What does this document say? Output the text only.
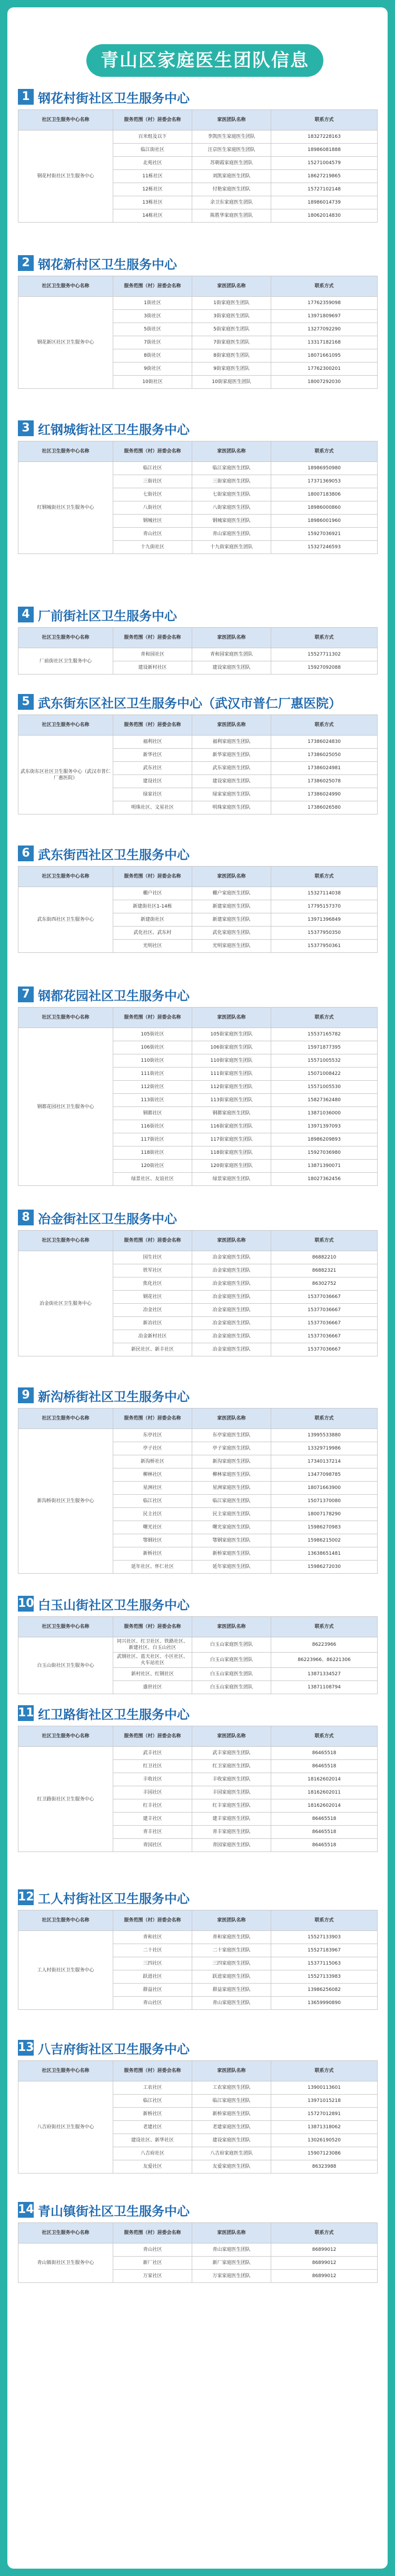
青山区家庭医生团队信息
1 钢花村街社区卫生服务中心
社区卫生服务中心名称	服务范围（村）居委会名称	家医团队名称	联系方式
钢花村街社区卫生服务中心	百米组及以下	李凯医生家庭医生团队	18327228163
	临江街社区	汪京医生家庭医生团队	18986081888
	北苑社区	苏朝霞家庭医生团队	15271004579
	11栋社区	刘凯家庭医生团队	18627219865
	12栋社区	付艳家庭医生团队	15727102148
	13栋社区	余卫东家庭医生团队	18986014739
	14栋社区	陈胜华家庭医生团队	18062014830
2 钢花新村区卫生服务中心
社区卫生服务中心名称	服务范围（村）居委会名称	家医团队名称	联系方式
钢花新区社区卫生服务中心	1街社区	1街家庭医生团队	17762359098
	3街社区	3街家庭医生团队	13971809697
	5街社区	5街家庭医生团队	13277092290
	7街社区	7街家庭医生团队	13317182168
	8街社区	8街家庭医生团队	18071661095
	9街社区	9街家庭医生团队	17762300201
	10街社区	10街家庭医生团队	18007292030
3 红钢城街社区卫生服务中心
社区卫生服务中心名称	服务范围（村）居委会名称	家医团队名称	联系方式
红钢城街社区卫生服务中心	临江社区	临江家庭医生团队	18986950980
	三街社区	三街家庭医生团队	17371369053
	七街社区	七街家庭医生团队	18007183806
	八街社区	八街家庭医生团队	18986000860
	钢城社区	钢城家庭医生团队	18986001960
	青山社区	青山家庭医生团队	15927036921
	十九街社区	十九街家庭医生团队	15327246593
4 厂前街社区卫生服务中心
社区卫生服务中心名称	服务范围（村）居委会名称	家医团队名称	联系方式
厂前街社区卫生服务中心	青和园社区	青和园家庭医生团队	15527711302
	建设新村社区	建设家庭医生团队	15927092088
5 武东街东区社区卫生服务中心（武汉市普仁厂惠医院）
社区卫生服务中心名称	服务范围（村）居委会名称	家医团队名称	联系方式
武东街东区社区卫生服务中心（武汉市普仁厂惠医院）	福利社区	福利家庭医生团队	17386024830
	新华社区	新华家庭医生团队	17386025050
	武东社区	武东家庭医生团队	17386024981
	建设社区	建设家庭医生团队	17386025078
	绿家社区	绿家家庭医生团队	17386024990
	明珠社区、文星社区	明珠家庭医生团队	17386026580
6 武东街西社区卫生服务中心
社区卫生服务中心名称	服务范围（村）居委会名称	家医团队名称	联系方式
武东街西社区卫生服务中心	棚户社区	棚户家庭医生团队	15327114038
	新建街社区1-14栋	新建家庭医生团队	17795157370
	新建街社区	新建家庭医生团队	13971396849
	武化社区、武东村	武化家庭医生团队	15377950350
	光明社区	光明家庭医生团队	15377950361
7 钢都花园社区卫生服务中心
社区卫生服务中心名称	服务范围（村）居委会名称	家医团队名称	联系方式
钢都花园社区卫生服务中心	105街社区	105街家庭医生团队	15537165782
	106街社区	106街家庭医生团队	15971877395
	110街社区	110街家庭医生团队	15571005532
	111街社区	111街家庭医生团队	15071008422
	112街社区	112街家庭医生团队	15571005530
	113街社区	113街家庭医生团队	15827362480
	钢都社区	钢都家庭医生团队	13871036000
	116街社区	116街家庭医生团队	13971397093
	117街社区	117街家庭医生团队	18986209893
	118街社区	118街家庭医生团队	15927036980
	120街社区	120街家庭医生团队	13871390071
	绿景社区、友谊社区	绿景家庭医生团队	18027362456
8 冶金街社区卫生服务中心
社区卫生服务中心名称	服务范围（村）居委会名称	家医团队名称	联系方式
冶金街社区卫生服务中心	国生社区	冶金家庭医生团队	86882210
	铁军社区	冶金家庭医生团队	86882321
	焦化社区	冶金家庭医生团队	86302752
	钢花社区	冶金家庭医生团队	15377036667
	冶金社区	冶金家庭医生团队	15377036667
	新冶社区	冶金家庭医生团队	15377036667
	冶金新村社区	冶金家庭医生团队	15377036667
	新民社区、新丰社区	冶金家庭医生团队	15377036667
9 新沟桥街社区卫生服务中心
社区卫生服务中心名称	服务范围（村）居委会名称	家医团队名称	联系方式
新沟桥街社区卫生服务中心	东亭社区	东亭家庭医生团队	13995533880
	亭子社区	亭子家庭医生团队	13329719986
	新沟桥社区	新沟家庭医生团队	17340137214
	柳林社区	柳林家庭医生团队	13477098785
	星洲社区	星洲家庭医生团队	18071663900
	临江社区	临江家庭医生团队	15071370080
	民主社区	民主家庭医生团队	18007178290
	曙光社区	曙光家庭医生团队	15986270983
	鄂钢社区	鄂钢家庭医生团队	15986215002
	新桥社区	新桥家庭医生团队	13638651481
	延年社区、怀仁社区	延年家庭医生团队	15986272030
10 白玉山街社区卫生服务中心
社区卫生服务中心名称	服务范围（村）居委会名称	家医团队名称	联系方式
白玉山街社区卫生服务中心	同兴社区、红卫社区、铁路社区、新建社区、白玉山社区	白玉山家庭医生团队	86223966
	武钢社区、蓝天社区、小区社区、火车站社区	白玉山家庭医生团队	86223966、86221306
	新村社区、红钢社区	白玉山家庭医生团队	13871334527
	盛世社区	白玉山家庭医生团队	13871108794
11 红卫路街社区卫生服务中心
社区卫生服务中心名称	服务范围（村）居委会名称	家医团队名称	联系方式
红卫路街社区卫生服务中心	武丰社区	武丰家庭医生团队	86465518
	红卫社区	红卫家庭医生团队	86465518
	丰收社区	丰收家庭医生团队	18162602014
	丰园社区	丰园家庭医生团队	18162602011
	红丰社区	红丰家庭医生团队	18162602014
	建丰社区	建丰家庭医生团队	86465518
	青丰社区	青丰家庭医生团队	86465518
	青园社区	青园家庭医生团队	86465518
12 工人村街社区卫生服务中心
社区卫生服务中心名称	服务范围（村）居委会名称	家医团队名称	联系方式
工人村街社区卫生服务中心	青和社区	青和家庭医生团队	15527133903
	二十社区	二十家庭医生团队	15527183967
	三四社区	三四家庭医生团队	15377115063
	跃进社区	跃进家庭医生团队	15527133983
	群益社区	群益家庭医生团队	13986256082
	青山社区	青山家庭医生团队	13659990890
13 八吉府街社区卫生服务中心
社区卫生服务中心名称	服务范围（村）居委会名称	家医团队名称	联系方式
八吉府街社区卫生服务中心	工农社区	工农家庭医生团队	13900113601
	临江社区	临江家庭医生团队	13971015218
	新桥社区	新桥家庭医生团队	15727012891
	老建社区	老建家庭医生团队	13871318062
	建设社区、新华社区	建设家庭医生团队	13026190520
	八吉府社区	八吉府家庭医生团队	15907123086
	友爱社区	友爱家庭医生团队	86323988
14 青山镇街社区卫生服务中心
社区卫生服务中心名称	服务范围（村）居委会名称	家医团队名称	联系方式
青山镇街社区卫生服务中心	青山社区	青山家庭医生团队	86899012
	新厂社区	新厂家庭医生团队	86899012
	万家社区	万家家庭医生团队	86899012
